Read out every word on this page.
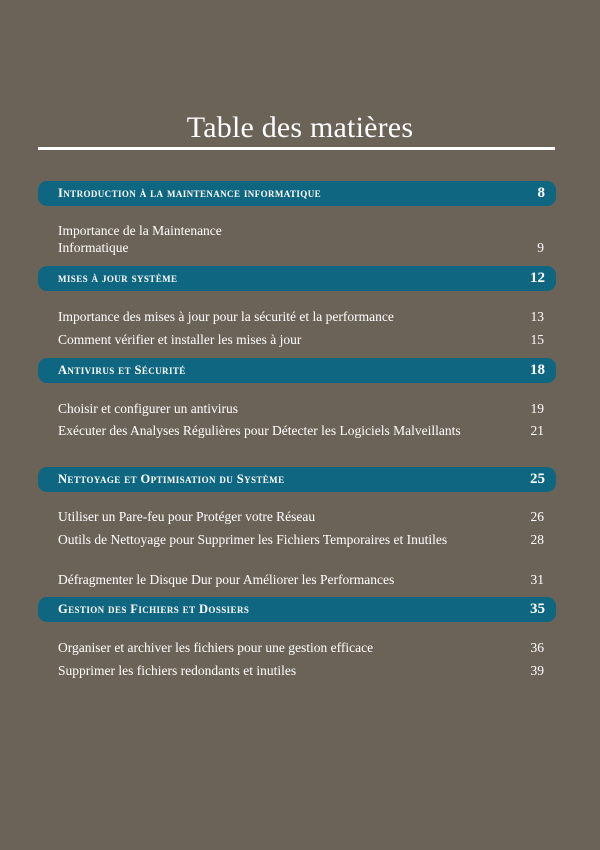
Table des matières
Introduction à la maintenance informatique	8
Importance de la Maintenance Informatique	9
mises à jour système	12
Importance des mises à jour pour la sécurité et la performance	13
Comment vérifier et installer les mises à jour	15
Antivirus et Sécurité	18
Choisir et configurer un antivirus	19
Exécuter des Analyses Régulières pour Détecter les Logiciels Malveillants	21
Nettoyage et Optimisation du Système	25
Utiliser un Pare-feu pour Protéger votre Réseau	26
Outils de Nettoyage pour Supprimer les Fichiers Temporaires et Inutiles	28
Défragmenter le Disque Dur pour Améliorer les Performances	31
Gestion des Fichiers et Dossiers	35
Organiser et archiver les fichiers pour une gestion efficace	36
Supprimer les fichiers redondants et inutiles	39
